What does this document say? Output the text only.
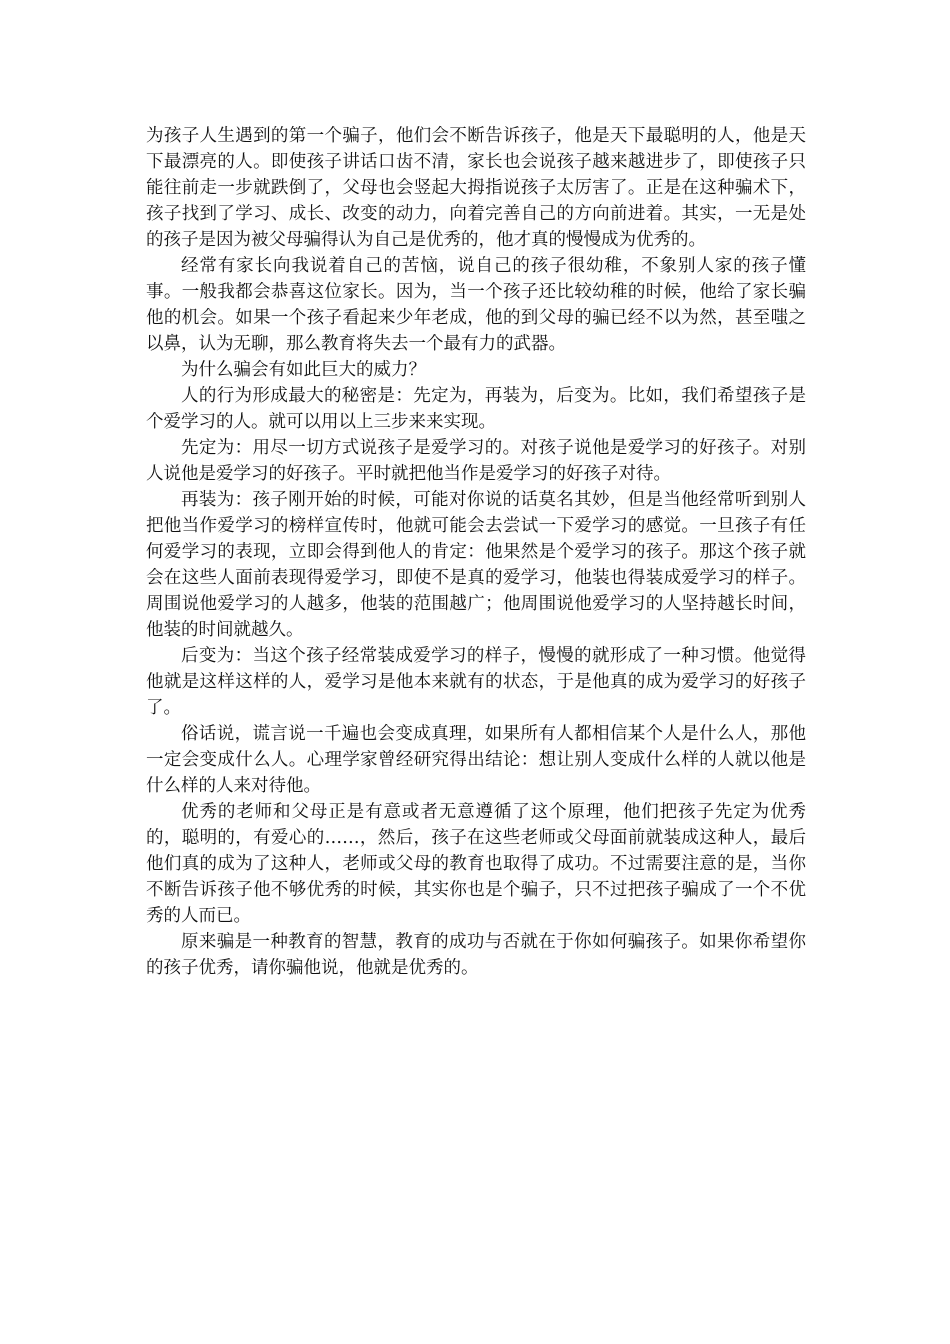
为孩子人生遇到的第一个骗子，他们会不断告诉孩子，他是天下最聪明的人，他是天下最漂亮的人。即使孩子讲话口齿不清，家长也会说孩子越来越进步了，即使孩子只能往前走一步就跌倒了，父母也会竖起大拇指说孩子太厉害了。正是在这种骗术下，孩子找到了学习、成长、改变的动力，向着完善自己的方向前进着。其实，一无是处的孩子是因为被父母骗得认为自己是优秀的，他才真的慢慢成为优秀的。

经常有家长向我说着自己的苦恼，说自己的孩子很幼稚，不象别人家的孩子懂事。一般我都会恭喜这位家长。因为，当一个孩子还比较幼稚的时候，他给了家长骗他的机会。如果一个孩子看起来少年老成，他的到父母的骗已经不以为然，甚至嗤之以鼻，认为无聊，那么教育将失去一个最有力的武器。

为什么骗会有如此巨大的威力？

人的行为形成最大的秘密是：先定为，再装为，后变为。比如，我们希望孩子是个爱学习的人。就可以用以上三步来来实现。

先定为：用尽一切方式说孩子是爱学习的。对孩子说他是爱学习的好孩子。对别人说他是爱学习的好孩子。平时就把他当作是爱学习的好孩子对待。

再装为：孩子刚开始的时候，可能对你说的话莫名其妙，但是当他经常听到别人把他当作爱学习的榜样宣传时，他就可能会去尝试一下爱学习的感觉。一旦孩子有任何爱学习的表现，立即会得到他人的肯定：他果然是个爱学习的孩子。那这个孩子就会在这些人面前表现得爱学习，即使不是真的爱学习，他装也得装成爱学习的样子。周围说他爱学习的人越多，他装的范围越广；他周围说他爱学习的人坚持越长时间，他装的时间就越久。

后变为：当这个孩子经常装成爱学习的样子，慢慢的就形成了一种习惯。他觉得他就是这样这样的人，爱学习是他本来就有的状态，于是他真的成为爱学习的好孩子了。

俗话说，谎言说一千遍也会变成真理，如果所有人都相信某个人是什么人，那他一定会变成什么人。心理学家曾经研究得出结论：想让别人变成什么样的人就以他是什么样的人来对待他。

优秀的老师和父母正是有意或者无意遵循了这个原理，他们把孩子先定为优秀的，聪明的，有爱心的……，然后，孩子在这些老师或父母面前就装成这种人，最后他们真的成为了这种人，老师或父母的教育也取得了成功。不过需要注意的是，当你不断告诉孩子他不够优秀的时候，其实你也是个骗子，只不过把孩子骗成了一个不优秀的人而已。

原来骗是一种教育的智慧，教育的成功与否就在于你如何骗孩子。如果你希望你的孩子优秀，请你骗他说，他就是优秀的。
